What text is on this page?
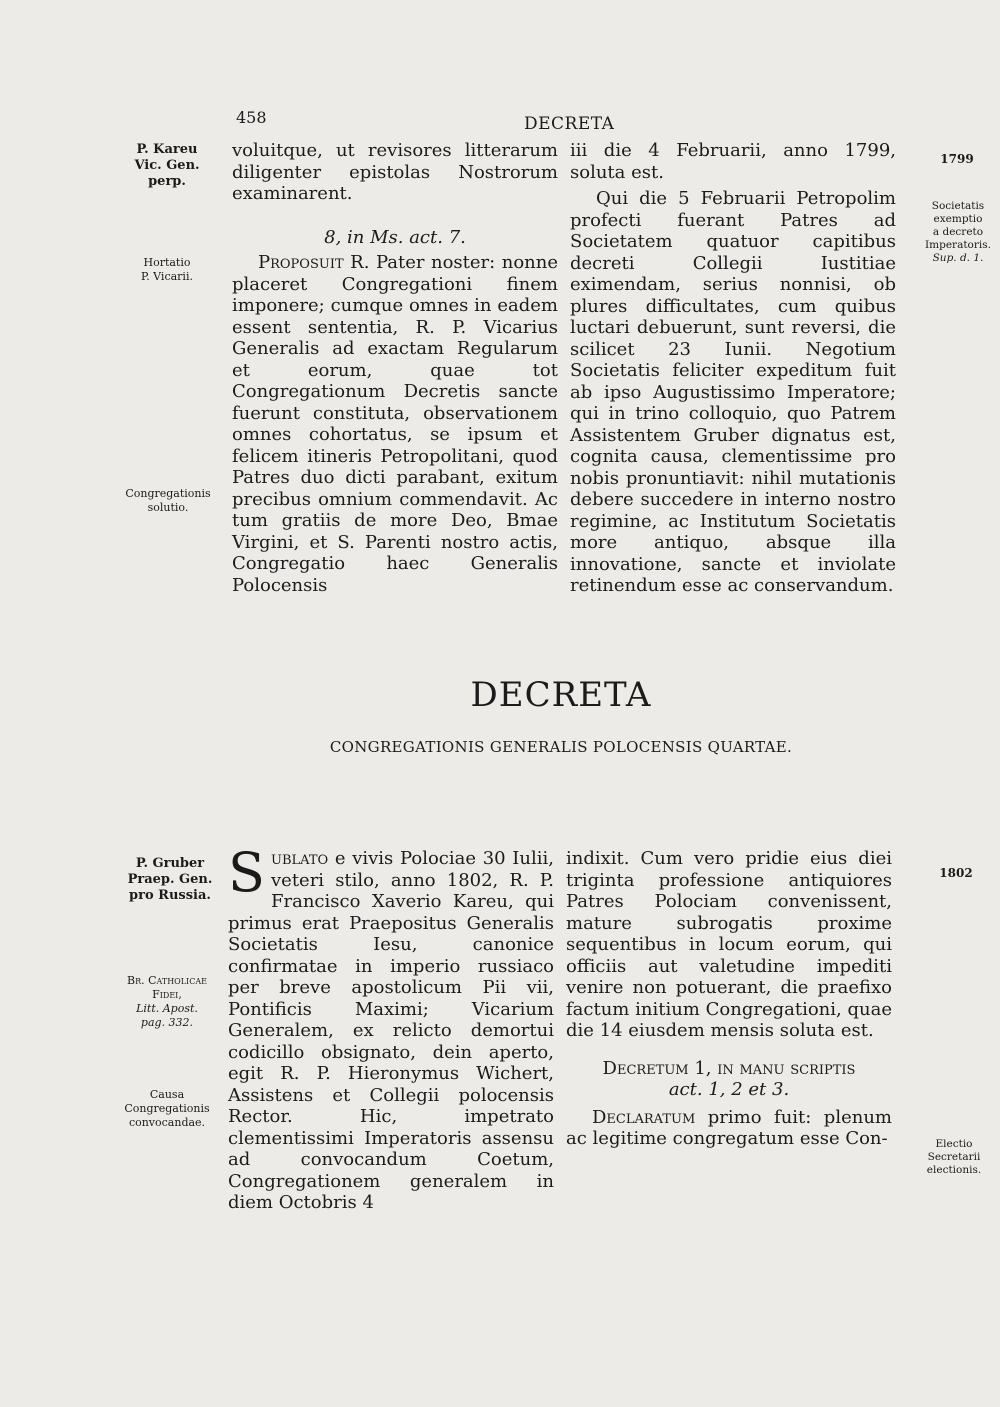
458	DECRETA
P. Kareu
Vic. Gen.
perp.
Hortatio
P. Vicarii.
Congregationis
solutio.
P. Gruber
Praep. Gen.
pro Russia.
Br. Catholicae
Fidei,
Litt. Apost.
pag. 332.
Causa
Congregationis
convocandae.
1799
Societatis
exemptio
a decreto
Imperatoris.
Sup. d. 1.
1802
Electio
Secretarii
electionis.

voluitque, ut revisores litterarum diligenter epistolas Nostrorum examinarent.

8, in Ms. act. 7.

Proposuit R. Pater noster: nonne placeret Congregationi finem imponere; cumque omnes in eadem essent sententia, R. P. Vicarius Generalis ad exactam Regularum et eorum, quae tot Congregationum Decretis sancte fuerunt constituta, observationem omnes cohortatus, se ipsum et felicem itineris Petropolitani, quod Patres duo dicti parabant, exitum precibus omnium commendavit. Ac tum gratiis de more Deo, Bmae Virgini, et S. Parenti nostro actis, Congregatio haec Generalis Polocensis

iii die 4 Februarii, anno 1799, soluta est.

Qui die 5 Februarii Petropolim profecti fuerant Patres ad Societatem quatuor capitibus decreti Collegii Iustitiae eximendam, serius nonnisi, ob plures difficultates, cum quibus luctari debuerunt, sunt reversi, die scilicet 23 Iunii. Negotium Societatis feliciter expeditum fuit ab ipso Augustissimo Imperatore; qui in trino colloquio, quo Patrem Assistentem Gruber dignatus est, cognita causa, clementissime pro nobis pronuntiavit: nihil mutationis debere succedere in interno nostro regimine, ac Institutum Societatis more antiquo, absque illa innovatione, sancte et inviolate retinendum esse ac conservandum.

DECRETA
CONGREGATIONIS GENERALIS POLOCENSIS QUARTAE.

Sublato e vivis Polociae 30 Iulii, veteri stilo, anno 1802, R. P. Francisco Xaverio Kareu, qui primus erat Praepositus Generalis Societatis Iesu, canonice confirmatae in imperio russiaco per breve apostolicum Pii vii, Pontificis Maximi; Vicarium Generalem, ex relicto demortui codicillo obsignato, dein aperto, egit R. P. Hieronymus Wichert, Assistens et Collegii polocensis Rector. Hic, impetrato clementissimi Imperatoris assensu ad convocandum Coetum, Congregationem generalem in diem Octobris 4

indixit. Cum vero pridie eius diei triginta professione antiquiores Patres Polociam convenissent, mature subrogatis proxime sequentibus in locum eorum, qui officiis aut valetudine impediti venire non potuerant, die praefixo factum initium Congregationi, quae die 14 eiusdem mensis soluta est.

Decretum 1, in manu scriptis

act. 1, 2 et 3.

Declaratum primo fuit: plenum ac legitime congregatum esse Con-
